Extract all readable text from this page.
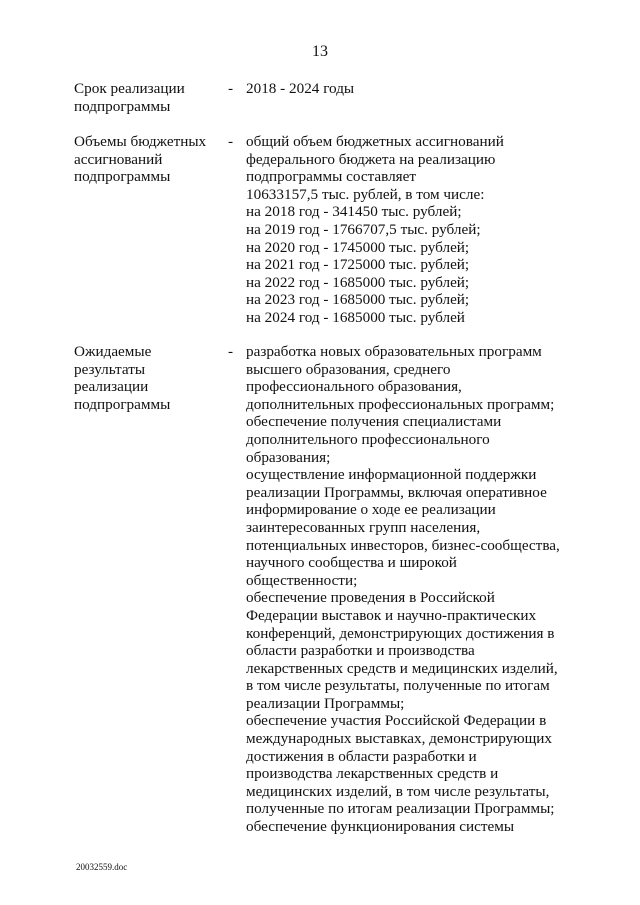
13
Срок реализации
подпрограммы
- 2018 - 2024 годы
Объемы бюджетных
ассигнований
подпрограммы
- общий объем бюджетных ассигнований
федерального бюджета на реализацию
подпрограммы составляет
10633157,5 тыс. рублей, в том числе:
на 2018 год - 341450 тыс. рублей;
на 2019 год - 1766707,5 тыс. рублей;
на 2020 год - 1745000 тыс. рублей;
на 2021 год - 1725000 тыс. рублей;
на 2022 год - 1685000 тыс. рублей;
на 2023 год - 1685000 тыс. рублей;
на 2024 год - 1685000 тыс. рублей
Ожидаемые
результаты
реализации
подпрограммы
- разработка новых образовательных программ
высшего образования, среднего
профессионального образования,
дополнительных профессиональных программ;
обеспечение получения специалистами
дополнительного профессионального
образования;
осуществление информационной поддержки
реализации Программы, включая оперативное
информирование о ходе ее реализации
заинтересованных групп населения,
потенциальных инвесторов, бизнес-сообщества,
научного сообщества и широкой
общественности;
обеспечение проведения в Российской
Федерации выставок и научно-практических
конференций, демонстрирующих достижения в
области разработки и производства
лекарственных средств и медицинских изделий,
в том числе результаты, полученные по итогам
реализации Программы;
обеспечение участия Российской Федерации в
международных выставках, демонстрирующих
достижения в области разработки и
производства лекарственных средств и
медицинских изделий, в том числе результаты,
полученные по итогам реализации Программы;
обеспечение функционирования системы
20032559.doc
